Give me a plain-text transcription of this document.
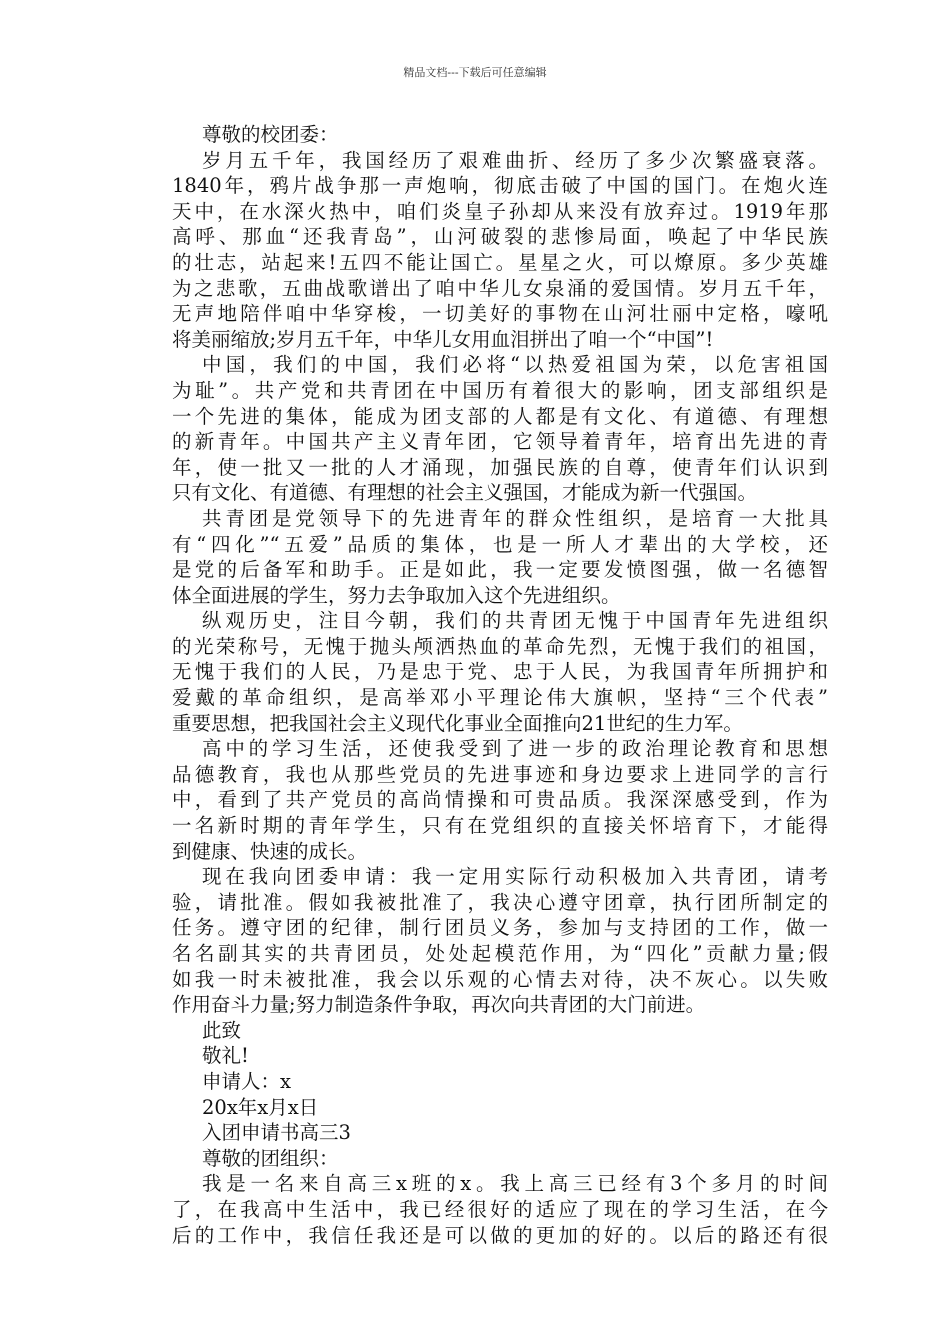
精品文档---下载后可任意编辑
尊敬的校团委：
岁月五千年，我国经历了艰难曲折、经历了多少次繁盛衰落。
1840年，鸦片战争那一声炮响，彻底击破了中国的国门。在炮火连
天中，在水深火热中，咱们炎皇子孙却从来没有放弃过。1919年那
高呼、那血“还我青岛”，山河破裂的悲惨局面，唤起了中华民族
的壮志，站起来!五四不能让国亡。星星之火，可以燎原。多少英雄
为之悲歌，五曲战歌谱出了咱中华儿女泉涌的爱国情。岁月五千年，
无声地陪伴咱中华穿梭，一切美好的事物在山河壮丽中定格，嚎吼
将美丽缩放;岁月五千年，中华儿女用血泪拼出了咱一个“中国”!
中国，我们的中国，我们必将“以热爱祖国为荣，以危害祖国
为耻”。共产党和共青团在中国历有着很大的影响，团支部组织是
一个先进的集体，能成为团支部的人都是有文化、有道德、有理想
的新青年。中国共产主义青年团，它领导着青年，培育出先进的青
年，使一批又一批的人才涌现，加强民族的自尊，使青年们认识到
只有文化、有道德、有理想的社会主义强国，才能成为新一代强国。
共青团是党领导下的先进青年的群众性组织，是培育一大批具
有“四化”“五爱”品质的集体，也是一所人才辈出的大学校，还
是党的后备军和助手。正是如此，我一定要发愤图强，做一名德智
体全面进展的学生，努力去争取加入这个先进组织。
纵观历史，注目今朝，我们的共青团无愧于中国青年先进组织
的光荣称号，无愧于抛头颅洒热血的革命先烈，无愧于我们的祖国，
无愧于我们的人民，乃是忠于党、忠于人民，为我国青年所拥护和
爱戴的革命组织，是高举邓小平理论伟大旗帜，坚持“三个代表”
重要思想，把我国社会主义现代化事业全面推向21世纪的生力军。
高中的学习生活，还使我受到了进一步的政治理论教育和思想
品德教育，我也从那些党员的先进事迹和身边要求上进同学的言行
中，看到了共产党员的高尚情操和可贵品质。我深深感受到，作为
一名新时期的青年学生，只有在党组织的直接关怀培育下，才能得
到健康、快速的成长。
现在我向团委申请：我一定用实际行动积极加入共青团，请考
验，请批准。假如我被批准了，我决心遵守团章，执行团所制定的
任务。遵守团的纪律，制行团员义务，参加与支持团的工作，做一
名名副其实的共青团员，处处起模范作用，为“四化”贡献力量;假
如我一时未被批准，我会以乐观的心情去对待，决不灰心。以失败
作用奋斗力量;努力制造条件争取，再次向共青团的大门前进。
此致
敬礼!
申请人：x
20x年x月x日
入团申请书高三3
尊敬的团组织：
我是一名来自高三x班的x。我上高三已经有3个多月的时间
了，在我高中生活中，我已经很好的适应了现在的学习生活，在今
后的工作中，我信任我还是可以做的更加的好的。以后的路还有很
